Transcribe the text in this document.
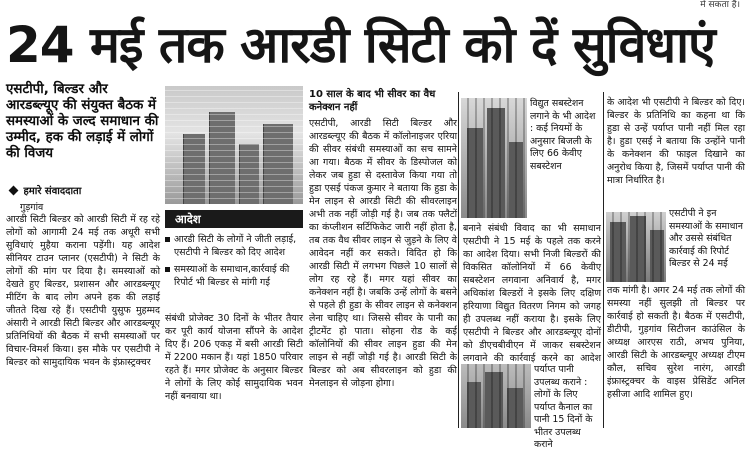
में सकता है।
24 मई तक आरडी सिटी को दें सुविधाएं

एसटीपी, बिल्डर और आरडब्ल्यूए की संयुक्त बैठक में समस्याओं के जल्द समाधान की उम्मीद, हक की लड़ाई में लोगों की विजय

हमारे संवाददाता
गुड़गांव

आरडी सिटी बिल्डर को आरडी सिटी में रह रहे लोगों को आगामी 24 मई तक अधूरी सभी सुविधाएं मुहैया कराना पड़ेंगी। यह आदेश सीनियर टाउन प्लानर (एसटीपी) ने सिटी के लोगों की मांग पर दिया है। समस्याओं को देखते हुए बिल्डर, प्रशासन और आरडब्ल्यूए मीटिंग के बाद लोग अपने हक की लड़ाई जीतते दिख रहे हैं। एसटीपी युसुफ मुहम्मद अंसारी ने आरडी सिटी बिल्डर और आरडब्ल्यूए प्रतिनिधियों की बैठक में सभी समस्याओं पर विचार-विमर्श किया। इस मौके पर एसटीपी ने बिल्डर को सामुदायिक भवन के इंफ्रास्ट्रक्चर

आदेश
आरडी सिटी के लोगों ने जीती लड़ाई, एसटीपी ने बिल्डर को दिए आदेश
समस्याओं के समाधान,कार्रवाई की रिपोर्ट भी बिल्डर से मांगी गई

संबंधी प्रोजेक्ट 30 दिनों के भीतर तैयार कर पूरी कार्य योजना सौंपने के आदेश दिए हैं। 206 एकड़ में बसी आरडी सिटी में 2200 मकान हैं। यहां 1850 परिवार रहते हैं। मगर प्रोजेक्ट के अनुसार बिल्डर ने लोगों के लिए कोई सामुदायिक भवन नहीं बनवाया था।

10 साल के बाद भी सीवर का वैध कनेक्शन नहीं

एसटीपी, आरडी सिटी बिल्डर और आरडब्ल्यूए की बैठक में कॉलोनाइजर एरिया की सीवर संबंधी समस्याओं का सच सामने आ गया। बैठक में सीवर के डिस्पोजल को लेकर जब हुडा से दस्तावेज किया गया तो हुडा एसई पंकज कुमार ने बताया कि हुडा के मेन लाइन से आरडी सिटी की सीवरलाइन अभी तक नहीं जोड़ी गई है। जब तक फ्लैटों का कंप्लीशन सर्टिफिकेट जारी नहीं होता है, तब तक वैध सीवर लाइन से जुड़ने के लिए वे आवेदन नहीं कर सकते। विदित हो कि आरडी सिटी में लगभग पिछले 10 सालों से लोग रह रहे हैं। मगर यहां सीवर का कनेक्शन नहीं है। जबकि उन्हें लोगों के बसने से पहले ही हुडा के सीवर लाइन से कनेक्शन लेना चाहिए था। जिससे सीवर के पानी का ट्रीटमेंट हो पाता। सोहना रोड के कई कॉलोनियों की सीवर लाइन हुडा की मेन लाइन से नहीं जोड़ी गई है। आरडी सिटी के बिल्डर को अब सीवरलाइन को हुडा की मेनलाइन से जोड़ना होगा।

विद्युत सबस्टेशन लगाने के भी आदेश : कई नियमों के अनुसार बिजली के लिए 66 केवीए सबस्टेशन

बनाने संबंधी विवाद का भी समाधान एसटीपी ने 15 मई के पहले तक करने का आदेश दिया। सभी निजी बिल्डरों की विकसित कॉलोनियों में 66 केवीए सबस्टेशन लगवाना अनिवार्य है, मगर अधिकांश बिल्डरों ने इसके लिए दक्षिण हरियाणा विद्युत वितरण निगम को जगह ही उपलब्ध नहीं कराया है। इसके लिए एसटीपी ने बिल्डर और आरडब्ल्यूए दोनों को डीएचबीवीएन में जाकर सबस्टेशन लगवाने की कार्रवाई करने का आदेश

पर्याप्त पानी उपलब्ध कराने : लोगों के लिए पर्याप्त कैनाल का पानी 15 दिनों के भीतर उपलब्ध कराने

के आदेश भी एसटीपी ने बिल्डर को दिए। बिल्डर के प्रतिनिधि का कहना था कि हुडा से उन्हें पर्याप्त पानी नहीं मिल रहा है। हुडा एसई ने बताया कि उन्होंने पानी के कनेक्शन की फाइल दिखाने का अनुरोध किया है, जिसमें पर्याप्त पानी की मात्रा निर्धारित है।

एसटीपी ने इन समस्याओं के समाधान और उससे संबंधित कार्रवाई की रिपोर्ट बिल्डर से 24 मई

तक मांगी है। अगर 24 मई तक लोगों की समस्या नहीं सुलझी तो बिल्डर पर कार्रवाई हो सकती है। बैठक में एसटीपी, डीटीपी, गुड़गांव सिटीजन काउंसिल के अध्यक्ष आरएस राठी, अभय पुनिया, आरडी सिटी के आरडब्ल्यूए अध्यक्ष टीएम कौल, सचिव सुरेश नारंग, आरडी इंफ्रास्ट्रक्चर के वाइस प्रेसिडेंट अनिल हसीजा आदि शामिल हुए।
